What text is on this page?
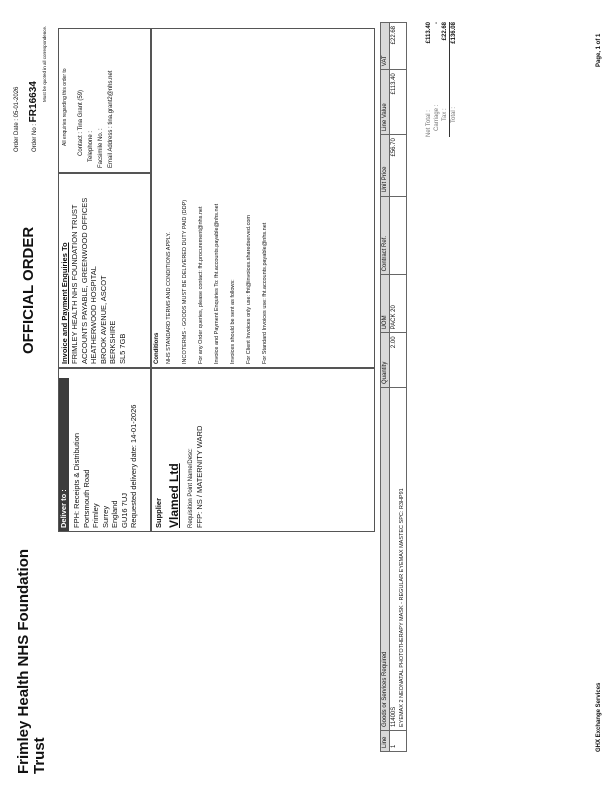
Frimley Health NHS Foundation Trust
OFFICIAL ORDER
Order Date : 05-01-2026	Order No : FR16634 Must be quoted in all correspondence.
Deliver to : FPH: Receipts & Distribution Portsmouth Road Frimley Surrey England GU16 7UJ Requested delivery date: 14-01-2026
Invoice and Payment Enquiries To FRIMLEY HEALTH NHS FOUNDATION TRUST ACCOUNTS PAYABLE, GREENWOOD OFFICES HEATHERWOOD HOSPITAL BROOK AVENUE, ASCOT BERKSHIRE SL5 7GB
All enquiries regarding this order to	Contact : Tina Grant (59) Telephone : Facsimile No. : Email Address : tina.grant2@nhs.net
Supplier Vlamed Ltd Requisition Point Name/Desc: FFP: NS / MATERNITY WARD
Conditions	NHS STANDARD TERMS AND CONDITIONS APPLY.	INCOTERMS - GOODS MUST BE DELIVERED DUTY PAID (DDP)	For any Order queries, please contact: fht.procurement@nhs.net	Invoice and Payment Enquiries To: fht.accounts.payable@nhs.net	Invoices should be sent as follows:	For Client Invoices only use: fht@invoices.sharedserved.com	For Standard Invoices use: fht.accounts.payable@nhs.net
Line	Goods or Services Required	Quantity	UOM	Contract Ref.	Unit Price	Line Value	VAT
1	11400S	2.00	PACK 20		£56.70	£113.40	£22.68
	EYEMAX 2 NEONATAL PHOTOTHERAPY MASK - REGULAR EYEMAX MASTEC SPC: R3HP91						
Net Total :
£113.40
Carriage :
-
Tax :
£22.68
Total :
£136.08
GHX Exchange Services
Page, 1 of 1
